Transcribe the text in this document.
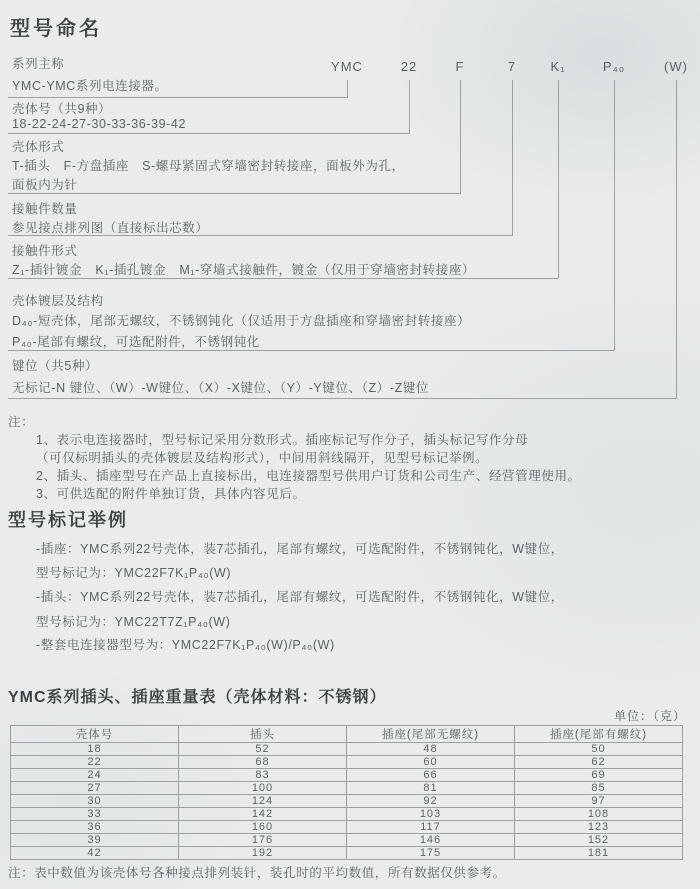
型号命名
YMC	22	F	7	K₁	P₄₀	(W)
系列主称
YMC-YMC系列电连接器。
壳体号（共9种）
18-22-24-27-30-33-36-39-42
壳体形式
T-插头　F-方盘插座　S-螺母紧固式穿墙密封转接座，面板外为孔，
面板内为针
接触件数量
参见接点排列图（直接标出芯数）
接触件形式
Z₁-插针镀金　K₁-插孔镀金　M₁-穿墙式接触件，镀金（仅用于穿墙密封转接座）
壳体镀层及结构
D₄₀-短壳体，尾部无螺纹，不锈钢钝化（仅适用于方盘插座和穿墙密封转接座）
P₄₀-尾部有螺纹，可选配附件，不锈钢钝化
键位（共5种）
无标记-N 键位、（W）-W键位、（X）-X键位、（Y）-Y键位、（Z）-Z键位
注：
1、表示电连接器时，型号标记采用分数形式。插座标记写作分子，插头标记写作分母
（可仅标明插头的壳体镀层及结构形式），中间用斜线隔开，见型号标记举例。
2、插头、插座型号在产品上直接标出，电连接器型号供用户订货和公司生产、经营管理使用。
3、可供选配的附件单独订货，具体内容见后。
型号标记举例
-插座：YMC系列22号壳体，装7芯插孔，尾部有螺纹，可选配附件，不锈钢钝化，W键位，
型号标记为：YMC22F7K₁P₄₀(W)
-插头：YMC系列22号壳体，装7芯插孔，尾部有螺纹，可选配附件，不锈钢钝化，W键位，
型号标记为：YMC22T7Z₁P₄₀(W)
-整套电连接器型号为：YMC22F7K₁P₄₀(W)/P₄₀(W)
YMC系列插头、插座重量表（壳体材料：不锈钢）
单位：（克）
壳体号	插头	插座(尾部无螺纹)	插座(尾部有螺纹)
18	52	48	50
22	68	60	62
24	83	66	69
27	100	81	85
30	124	92	97
33	142	103	108
36	160	117	123
39	176	146	152
42	192	175	181
注：表中数值为该壳体号各种接点排列装针，装孔时的平均数值，所有数据仅供参考。
